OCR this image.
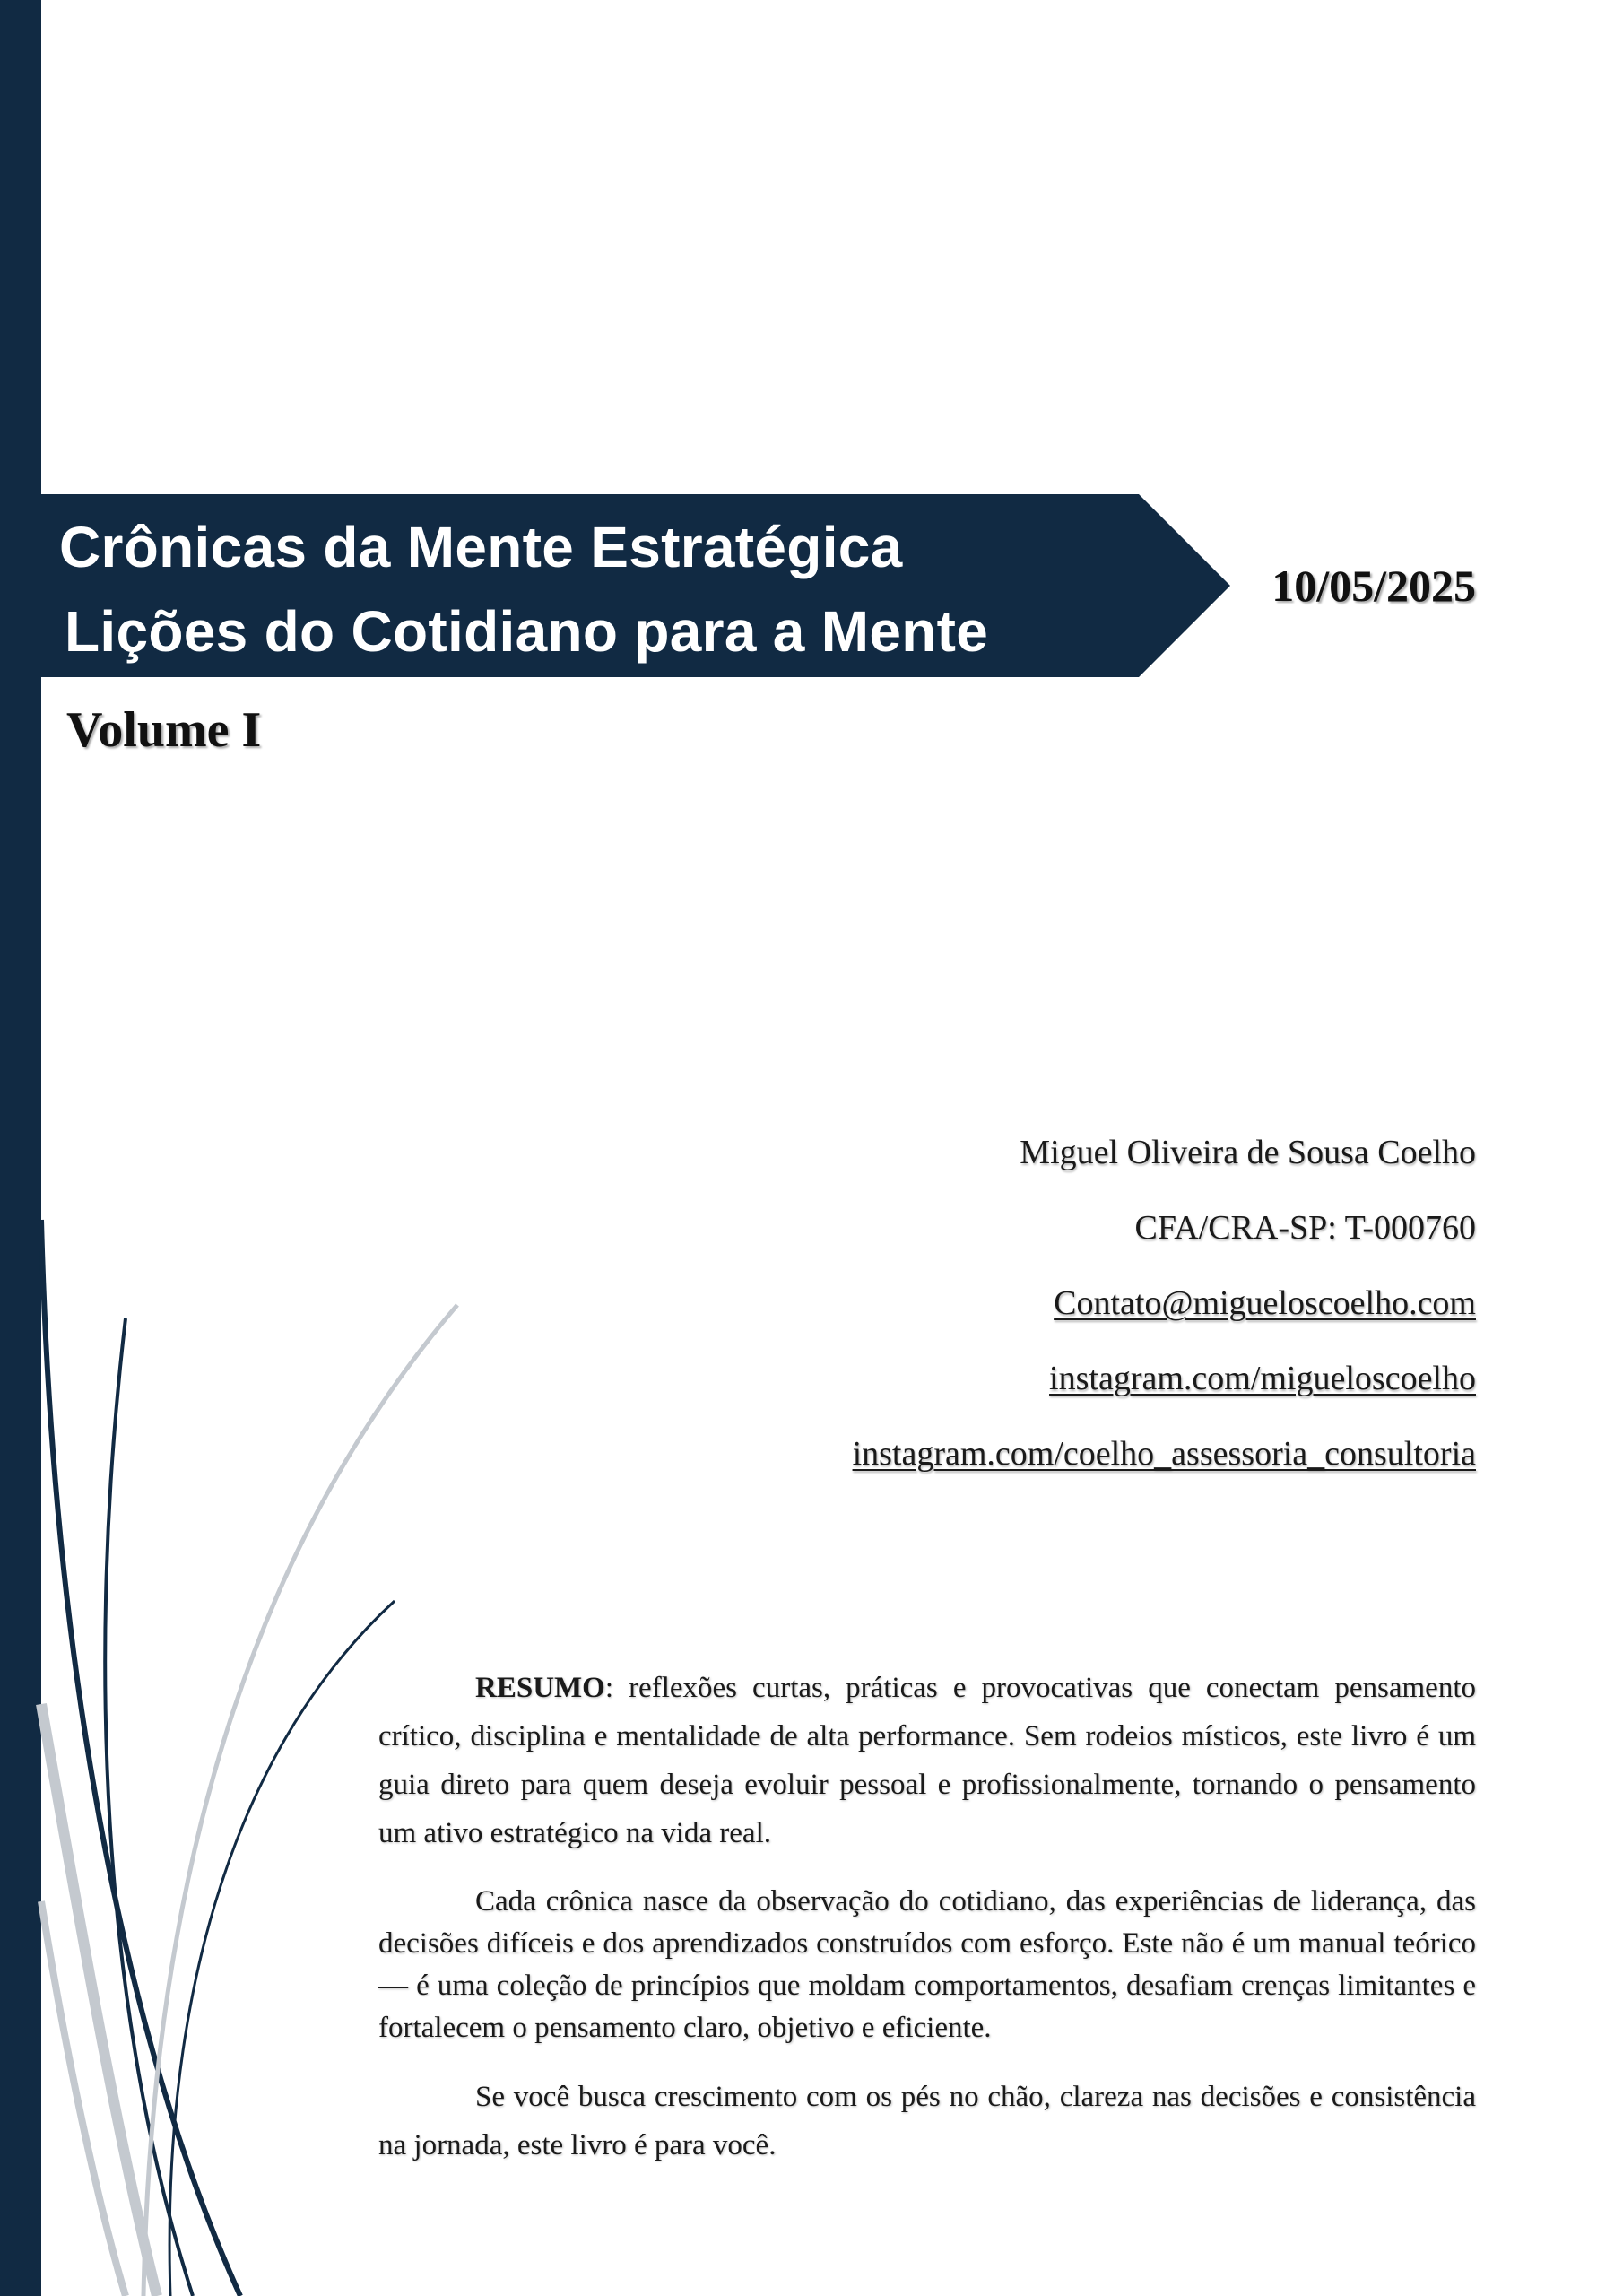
Crônicas da Mente Estratégica
Lições do Cotidiano para a Mente
10/05/2025
Volume I
Miguel Oliveira de Sousa Coelho
CFA/CRA-SP: T-000760
Contato@migueloscoelho.com
instagram.com/migueloscoelho
instagram.com/coelho_assessoria_consultoria

RESUMO: reflexões curtas, práticas e provocativas que conectam pensamento crítico, disciplina e mentalidade de alta performance. Sem rodeios místicos, este livro é um guia direto para quem deseja evoluir pessoal e profissionalmente, tornando o pensamento um ativo estratégico na vida real.

Cada crônica nasce da observação do cotidiano, das experiências de liderança, das decisões difíceis e dos aprendizados construídos com esforço. Este não é um manual teórico — é uma coleção de princípios que moldam comportamentos, desafiam crenças limitantes e fortalecem o pensamento claro, objetivo e eficiente.

Se você busca crescimento com os pés no chão, clareza nas decisões e consistência na jornada, este livro é para você.
